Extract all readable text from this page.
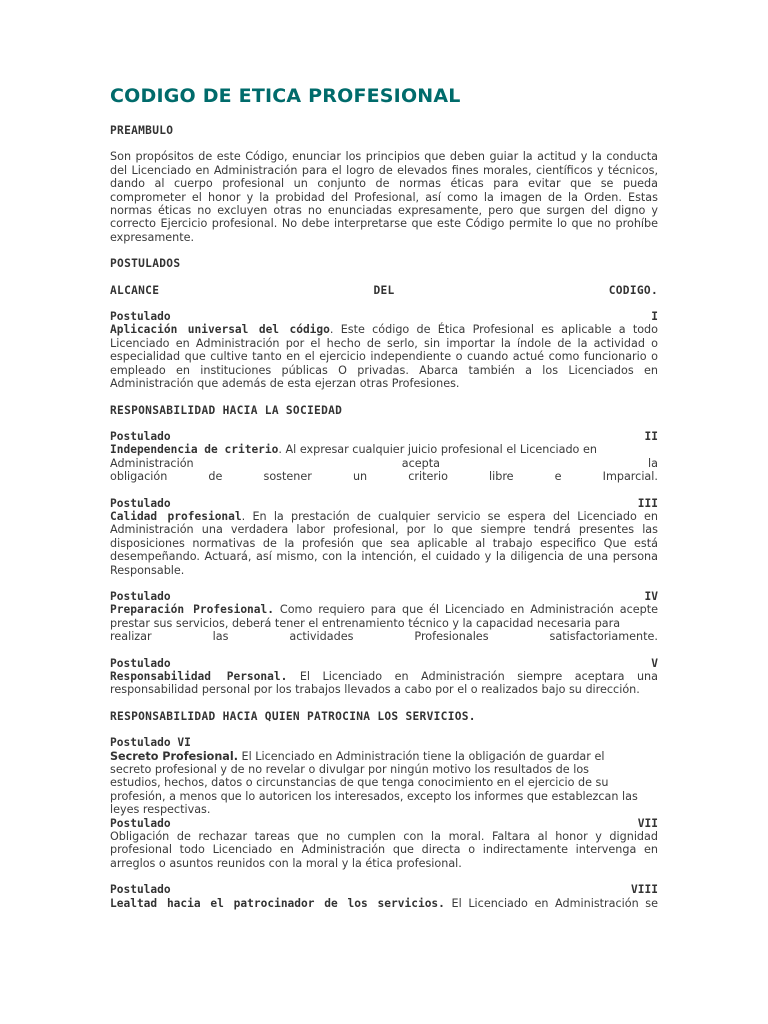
CODIGO DE ETICA PROFESIONAL
PREAMBULO

Son propósitos de este Código, enunciar los principios que deben guiar la actitud y la conducta del Licenciado en Administración para el logro de elevados fines morales, científicos y técnicos, dando al cuerpo profesional un conjunto de normas éticas para evitar que se pueda comprometer el honor y la probidad del Profesional, así como la imagen de la Orden. Estas normas éticas no excluyen otras no enunciadas expresamente, pero que surgen del digno y correcto Ejercicio profesional. No debe interpretarse que este Código permite lo que no prohíbe expresamente.

POSTULADOS
ALCANCE	DEL	CODIGO.
Postulado	I

Aplicación universal del código. Este código de Ética Profesional es aplicable a todo Licenciado en Administración por el hecho de serlo, sin importar la índole de la actividad o especialidad que cultive tanto en el ejercicio independiente o cuando actué como funcionario o empleado en instituciones públicas O privadas. Abarca también a los Licenciados en Administración que además de esta ejerzan otras Profesiones.

RESPONSABILIDAD HACIA LA SOCIEDAD
Postulado	II

Independencia de criterio. Al expresar cualquier juicio profesional el Licenciado en

Administración	acepta	la
obligación	de	sostener	un	criterio	libre	e	Imparcial.
Postulado	III

Calidad profesional. En la prestación de cualquier servicio se espera del Licenciado en Administración una verdadera labor profesional, por lo que siempre tendrá presentes las disposiciones normativas de la profesión que sea aplicable al trabajo especifico Que está desempeñando. Actuará, así mismo, con la intención, el cuidado y la diligencia de una persona Responsable.

Postulado	IV

Preparación Profesional. Como requiero para que él Licenciado en Administración acepte prestar sus servicios, deberá tener el entrenamiento técnico y la capacidad necesaria para

realizar	las	actividades	Profesionales	satisfactoriamente.
Postulado	V

Responsabilidad Personal. El Licenciado en Administración siempre aceptara una responsabilidad personal por los trabajos llevados a cabo por el o realizados bajo su dirección.

RESPONSABILIDAD HACIA QUIEN PATROCINA LOS SERVICIOS.
Postulado VI
Secreto Profesional. El Licenciado en Administración tiene la obligación de guardar el secreto profesional y de no revelar o divulgar por ningún motivo los resultados de los estudios, hechos, datos o circunstancias de que tenga conocimiento en el ejercicio de su profesión, a menos que lo autoricen los interesados, excepto los informes que establezcan las leyes respectivas.
Postulado	VII

Obligación de rechazar tareas que no cumplen con la moral. Faltara al honor y dignidad profesional todo Licenciado en Administración que directa o indirectamente intervenga en arreglos o asuntos reunidos con la moral y la ética profesional.

Postulado	VIII

Lealtad hacia el patrocinador de los servicios. El Licenciado en Administración se
